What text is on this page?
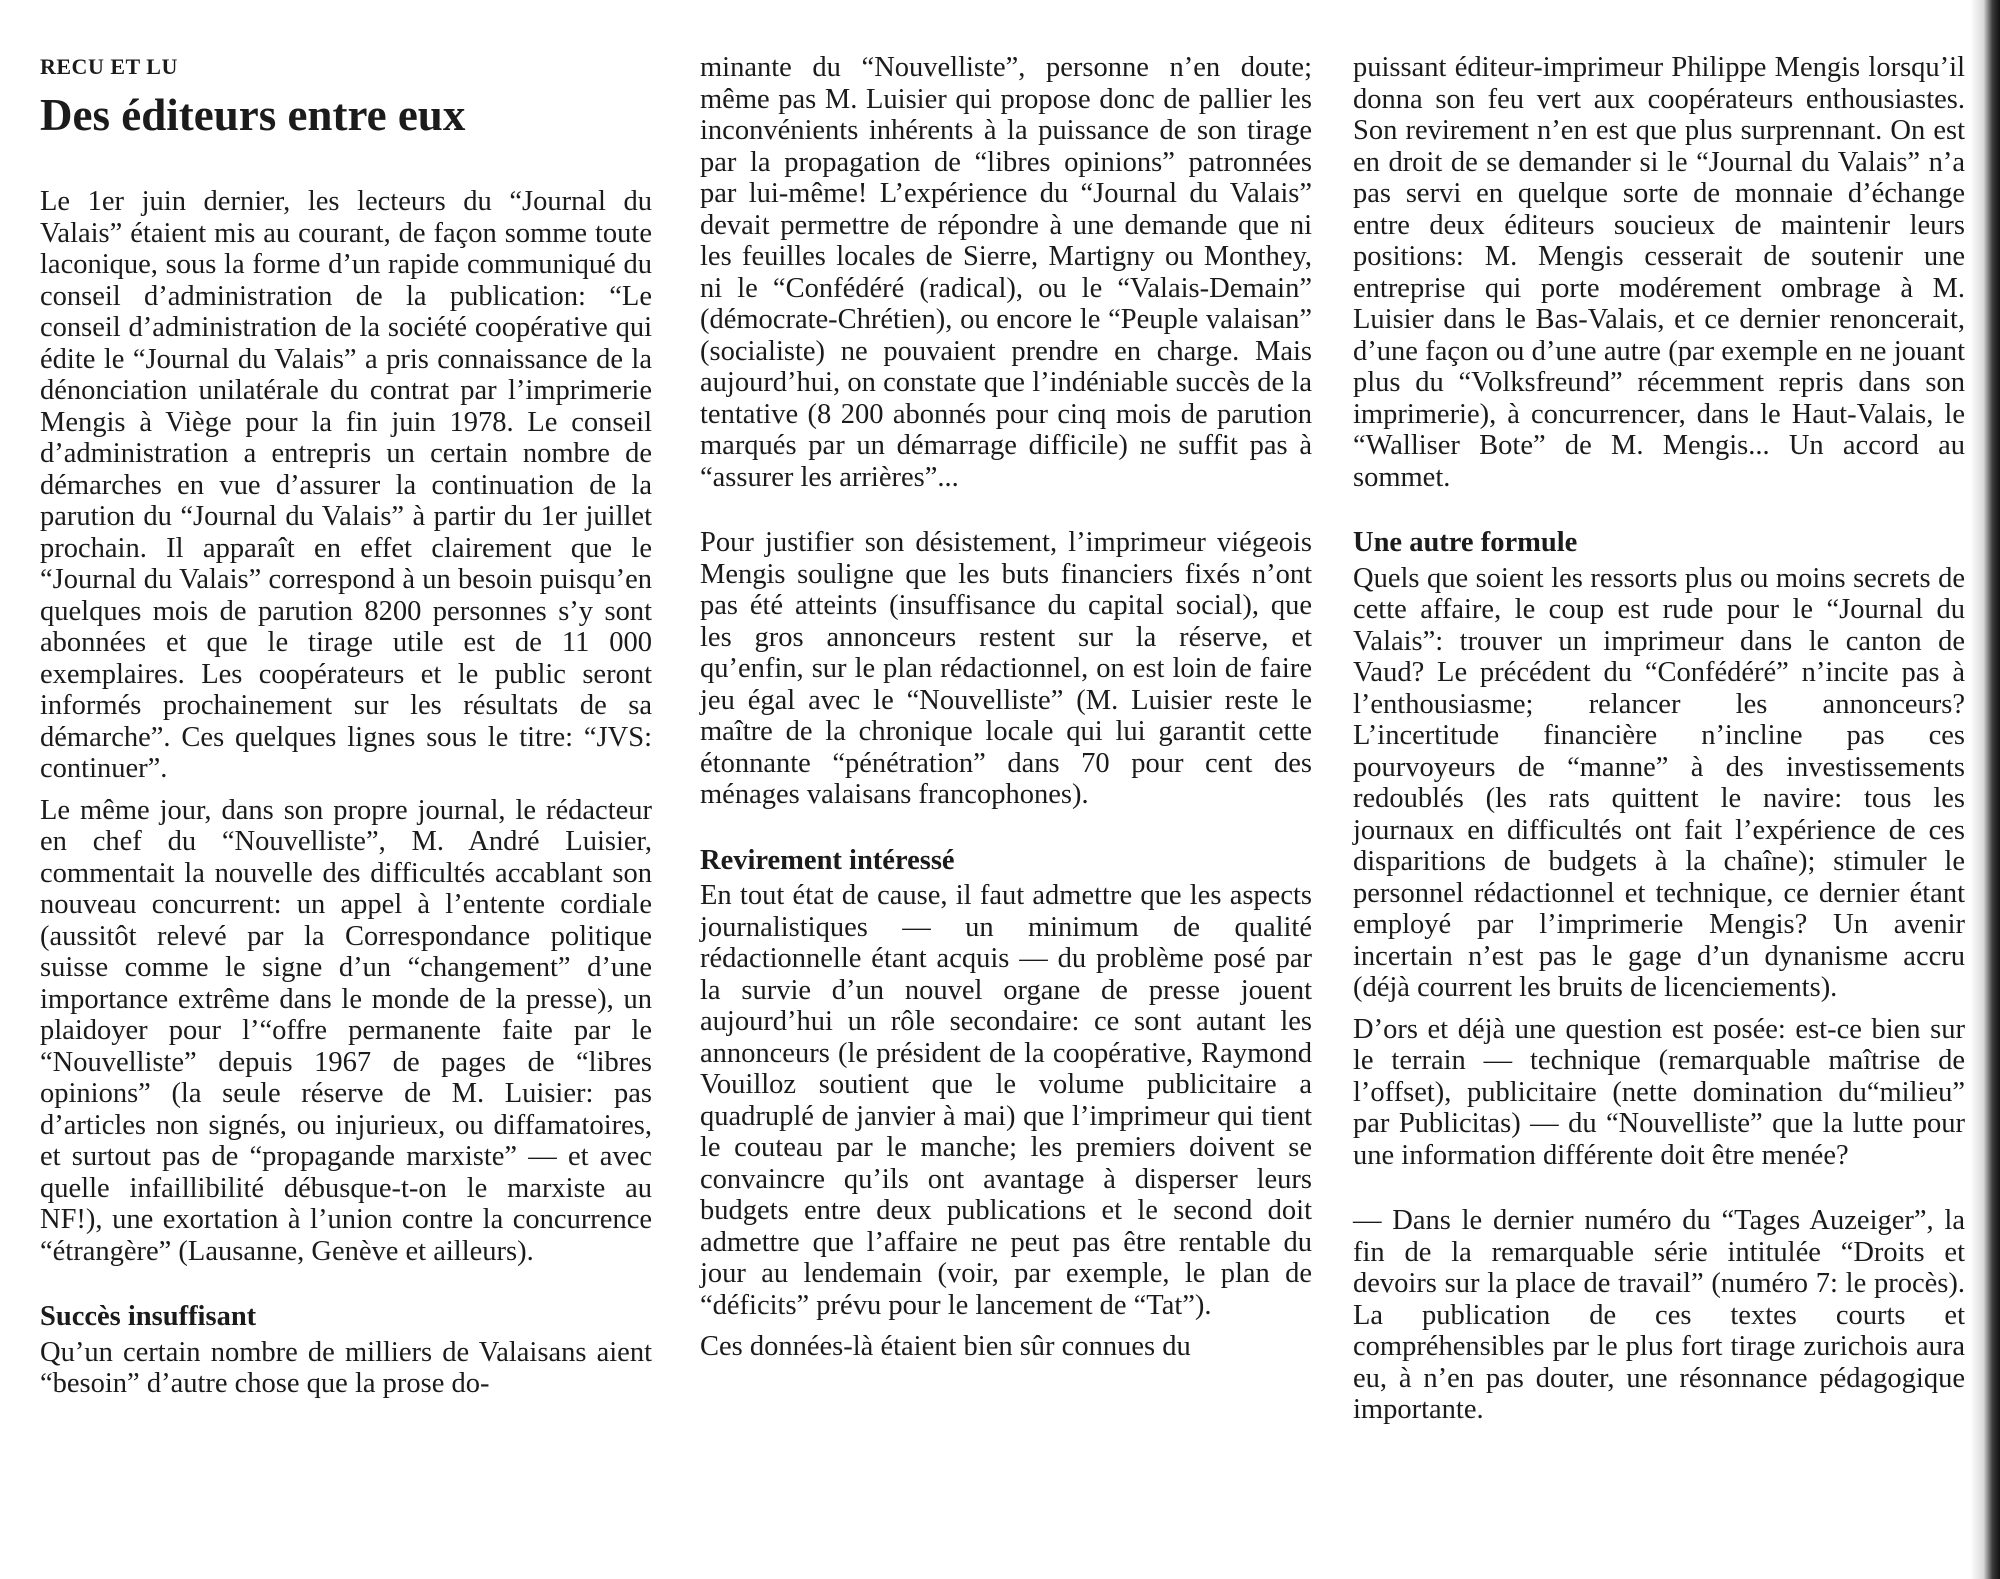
RECU ET LU
Des éditeurs entre eux

Le 1er juin dernier, les lecteurs du “Journal du Valais” étaient mis au courant, de façon somme toute laconique, sous la forme d’un rapide communiqué du conseil d’administration de la publication: “Le conseil d’administration de la société coopérative qui édite le “Journal du Valais” a pris connaissance de la dénonciation unilatérale du contrat par l’imprimerie Mengis à Viège pour la fin juin 1978. Le conseil d’administration a entrepris un certain nombre de démarches en vue d’assurer la continuation de la parution du “Journal du Valais” à partir du 1er juillet prochain. Il apparaît en effet clairement que le “Journal du Valais” correspond à un besoin puisqu’en quelques mois de parution 8200 personnes s’y sont abonnées et que le tirage utile est de 11 000 exemplaires. Les coopérateurs et le public seront informés prochainement sur les résultats de sa démarche”. Ces quelques lignes sous le titre: “JVS: continuer”.

Le même jour, dans son propre journal, le rédacteur en chef du “Nouvelliste”, M. André Luisier, commentait la nouvelle des difficultés accablant son nouveau concurrent: un appel à l’entente cordiale (aussitôt relevé par la Correspondance politique suisse comme le signe d’un “changement” d’une importance extrême dans le monde de la presse), un plaidoyer pour l’“offre permanente faite par le “Nouvelliste” depuis 1967 de pages de “libres opinions” (la seule réserve de M. Luisier: pas d’articles non signés, ou injurieux, ou diffamatoires, et surtout pas de “propagande marxiste” — et avec quelle infaillibilité débusque-t-on le marxiste au NF!), une exortation à l’union contre la concurrence “étrangère” (Lausanne, Genève et ailleurs).

Succès insuffisant

Qu’un certain nombre de milliers de Valaisans aient “besoin” d’autre chose que la prose do-

minante du “Nouvelliste”, personne n’en doute; même pas M. Luisier qui propose donc de pallier les inconvénients inhérents à la puissance de son tirage par la propagation de “libres opinions” patronnées par lui-même! L’expérience du “Journal du Valais” devait permettre de répondre à une demande que ni les feuilles locales de Sierre, Martigny ou Monthey, ni le “Confédéré (radical), ou le “Valais-Demain” (démocrate-Chrétien), ou encore le “Peuple valaisan” (socialiste) ne pouvaient prendre en charge. Mais aujourd’hui, on constate que l’indéniable succès de la tentative (8 200 abonnés pour cinq mois de parution marqués par un démarrage difficile) ne suffit pas à “assurer les arrières”...

Pour justifier son désistement, l’imprimeur viégeois Mengis souligne que les buts financiers fixés n’ont pas été atteints (insuffisance du capital social), que les gros annonceurs restent sur la réserve, et qu’enfin, sur le plan rédactionnel, on est loin de faire jeu égal avec le “Nouvelliste” (M. Luisier reste le maître de la chronique locale qui lui garantit cette étonnante “pénétration” dans 70 pour cent des ménages valaisans francophones).

Revirement intéressé

En tout état de cause, il faut admettre que les aspects journalistiques — un minimum de qualité rédactionnelle étant acquis — du problème posé par la survie d’un nouvel organe de presse jouent aujourd’hui un rôle secondaire: ce sont autant les annonceurs (le président de la coopérative, Raymond Vouilloz soutient que le volume publicitaire a quadruplé de janvier à mai) que l’imprimeur qui tient le couteau par le manche; les premiers doivent se convaincre qu’ils ont avantage à disperser leurs budgets entre deux publications et le second doit admettre que l’affaire ne peut pas être rentable du jour au lendemain (voir, par exemple, le plan de “déficits” prévu pour le lancement de “Tat”).

Ces données-là étaient bien sûr connues du

puissant éditeur-imprimeur Philippe Mengis lorsqu’il donna son feu vert aux coopérateurs enthousiastes. Son revirement n’en est que plus surprennant. On est en droit de se demander si le “Journal du Valais” n’a pas servi en quelque sorte de monnaie d’échange entre deux éditeurs soucieux de maintenir leurs positions: M. Mengis cesserait de soutenir une entreprise qui porte modérement ombrage à M. Luisier dans le Bas-Valais, et ce dernier renoncerait, d’une façon ou d’une autre (par exemple en ne jouant plus du “Volksfreund” récemment repris dans son imprimerie), à concurrencer, dans le Haut-Valais, le “Walliser Bote” de M. Mengis... Un accord au sommet.

Une autre formule

Quels que soient les ressorts plus ou moins secrets de cette affaire, le coup est rude pour le “Journal du Valais”: trouver un imprimeur dans le canton de Vaud? Le précédent du “Confédéré” n’incite pas à l’enthousiasme; relancer les annonceurs? L’incertitude financière n’incline pas ces pourvoyeurs de “manne” à des investissements redoublés (les rats quittent le navire: tous les journaux en difficultés ont fait l’expérience de ces disparitions de budgets à la chaîne); stimuler le personnel rédactionnel et technique, ce dernier étant employé par l’imprimerie Mengis? Un avenir incertain n’est pas le gage d’un dynanisme accru (déjà courrent les bruits de licenciements).

D’ors et déjà une question est posée: est-ce bien sur le terrain — technique (remarquable maîtrise de l’offset), publicitaire (nette domination du“milieu” par Publicitas) — du “Nouvelliste” que la lutte pour une information différente doit être menée?

— Dans le dernier numéro du “Tages Auzeiger”, la fin de la remarquable série intitulée “Droits et devoirs sur la place de travail” (numéro 7: le procès). La publication de ces textes courts et compréhensibles par le plus fort tirage zurichois aura eu, à n’en pas douter, une résonnance pédagogique importante.
